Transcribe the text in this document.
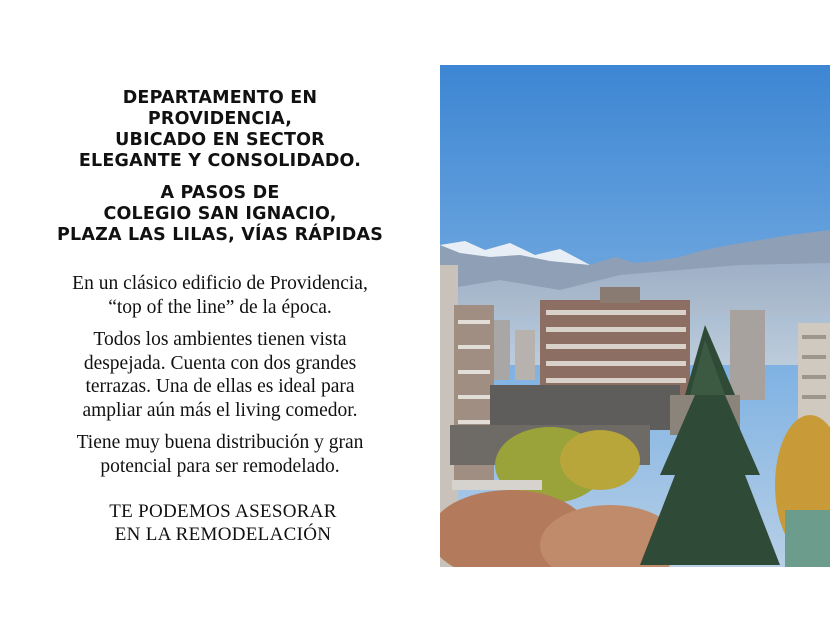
DEPARTAMENTO EN
PROVIDENCIA,
UBICADO EN SECTOR
ELEGANTE Y CONSOLIDADO.
A PASOS DE
COLEGIO SAN IGNACIO,
PLAZA LAS LILAS, VÍAS RÁPIDAS
En un clásico edificio de Providencia,
“top of the line” de la época.
Todos los ambientes tienen vista
despejada. Cuenta con dos grandes
terrazas. Una de ellas es ideal para
ampliar aún más el living comedor.
Tiene muy buena distribución y gran
potencial para ser remodelado.
TE PODEMOS ASESORAR
EN LA REMODELACIÓN
